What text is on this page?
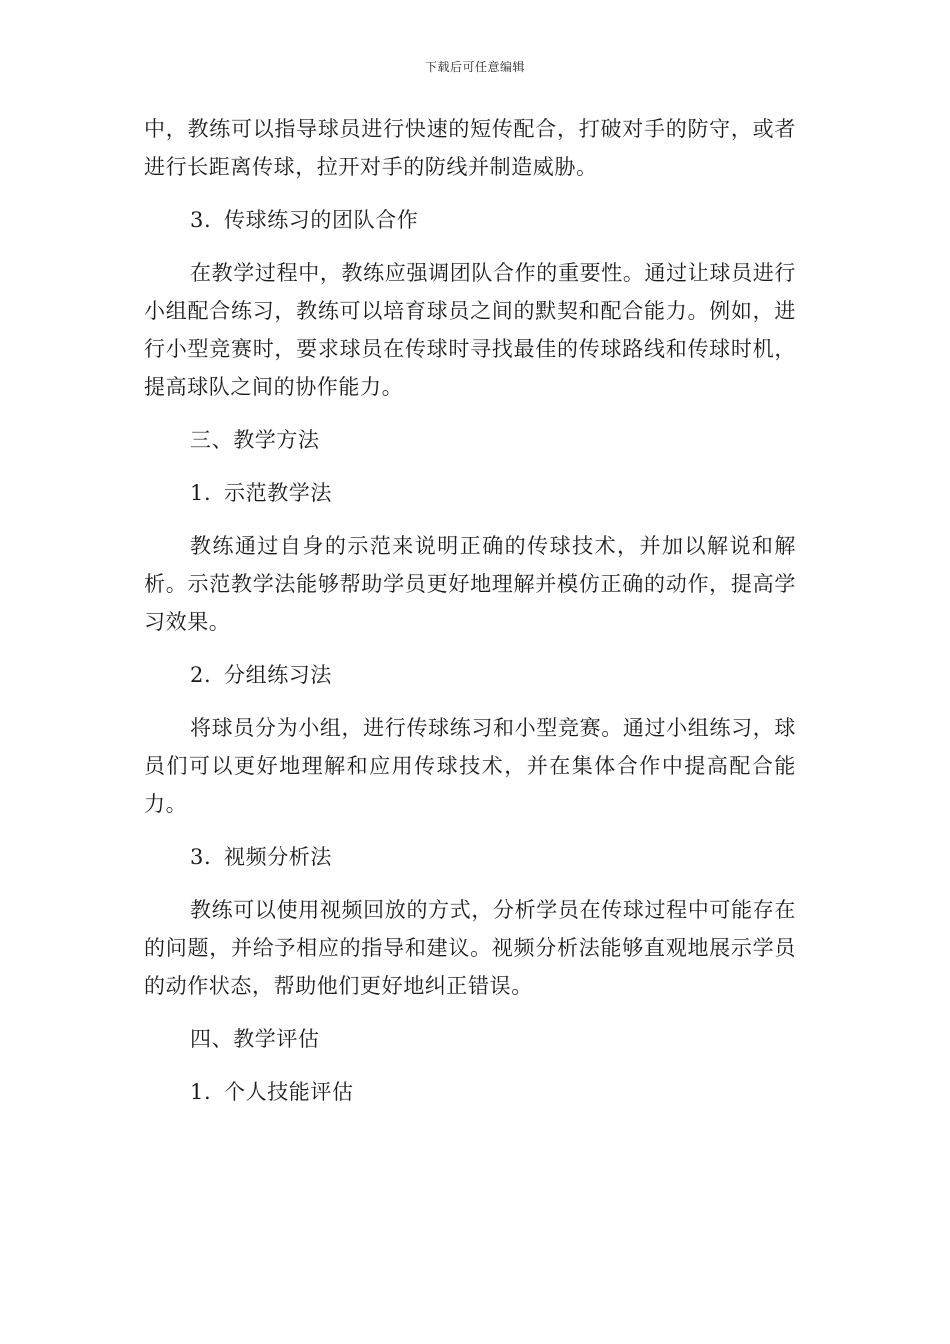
下载后可任意编辑

中，教练可以指导球员进行快速的短传配合，打破对手的防守，或者进行长距离传球，拉开对手的防线并制造威胁。

3. 传球练习的团队合作

在教学过程中，教练应强调团队合作的重要性。通过让球员进行小组配合练习，教练可以培育球员之间的默契和配合能力。例如，进行小型竞赛时，要求球员在传球时寻找最佳的传球路线和传球时机，提高球队之间的协作能力。

三、教学方法

1. 示范教学法

教练通过自身的示范来说明正确的传球技术，并加以解说和解析。示范教学法能够帮助学员更好地理解并模仿正确的动作，提高学习效果。

2. 分组练习法

将球员分为小组，进行传球练习和小型竞赛。通过小组练习，球员们可以更好地理解和应用传球技术，并在集体合作中提高配合能力。

3. 视频分析法

教练可以使用视频回放的方式，分析学员在传球过程中可能存在的问题，并给予相应的指导和建议。视频分析法能够直观地展示学员的动作状态，帮助他们更好地纠正错误。

四、教学评估

1. 个人技能评估
